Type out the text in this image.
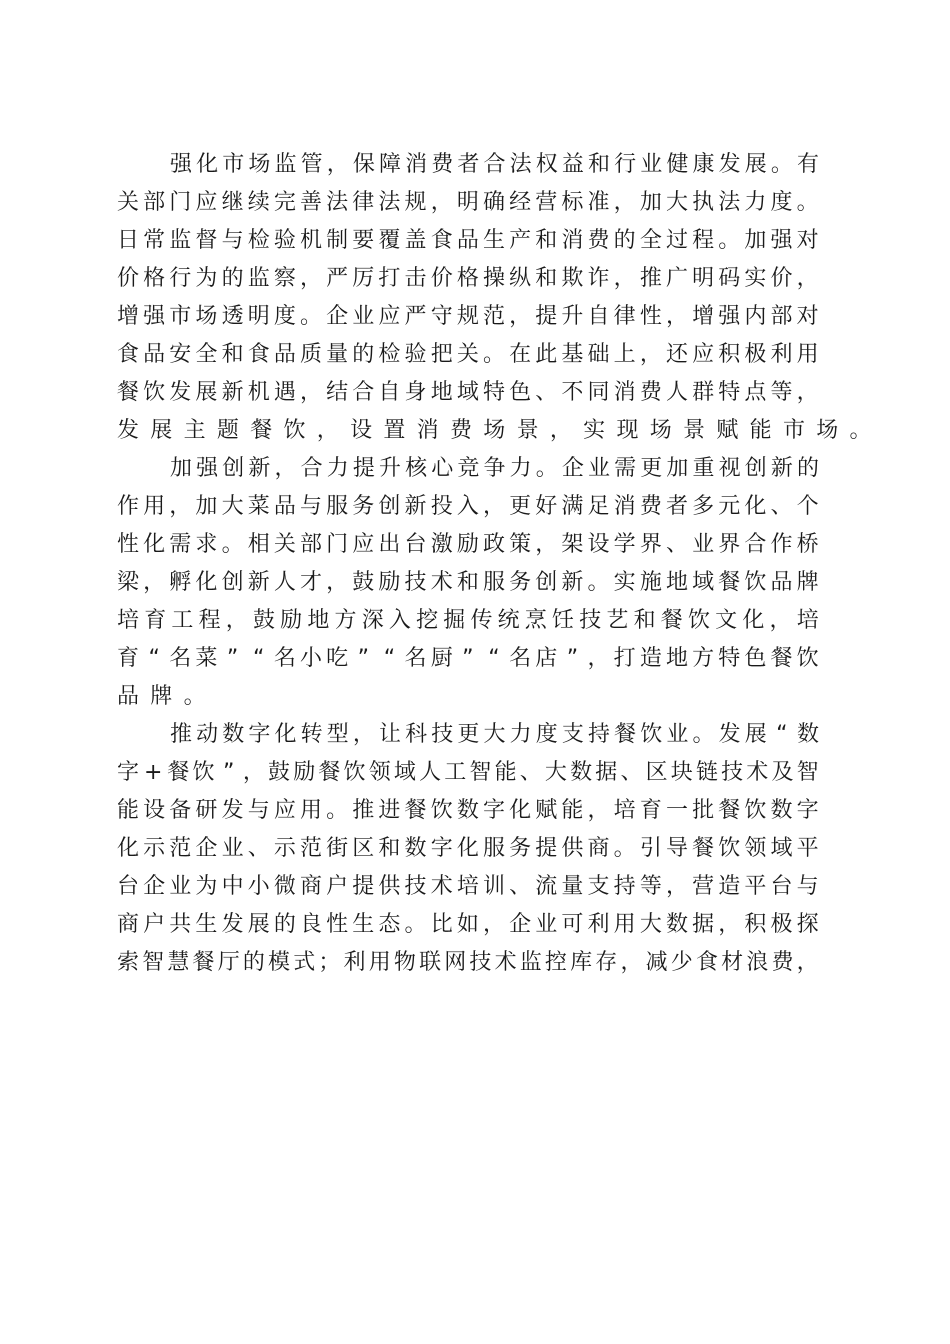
强 化 市 场 监 管 ， 保 障 消 费 者 合 法 权 益 和 行 业 健 康 发 展 。 有
关 部 门 应 继 续 完 善 法 律 法 规 ， 明 确 经 营 标 准 ， 加 大 执 法 力 度 。
日 常 监 督 与 检 验 机 制 要 覆 盖 食 品 生 产 和 消 费 的 全 过 程 。 加 强 对
价 格 行 为 的 监 察 ， 严 厉 打 击 价 格 操 纵 和 欺 诈 ， 推 广 明 码 实 价 ，
增 强 市 场 透 明 度 。 企 业 应 严 守 规 范 ， 提 升 自 律 性 ， 增 强 内 部 对
食 品 安 全 和 食 品 质 量 的 检 验 把 关 。 在 此 基 础 上 ， 还 应 积 极 利 用
餐 饮 发 展 新 机 遇 ， 结 合 自 身 地 域 特 色 、 不 同 消 费 人 群 特 点 等 ，
发 展 主 题 餐 饮 ， 设 置 消 费 场 景 ， 实 现 场 景 赋 能 市 场 。
加 强 创 新 ， 合 力 提 升 核 心 竞 争 力 。 企 业 需 更 加 重 视 创 新 的
作 用 ， 加 大 菜 品 与 服 务 创 新 投 入 ， 更 好 满 足 消 费 者 多 元 化 、 个
性 化 需 求 。 相 关 部 门 应 出 台 激 励 政 策 ， 架 设 学 界 、 业 界 合 作 桥
梁 ， 孵 化 创 新 人 才 ， 鼓 励 技 术 和 服 务 创 新 。 实 施 地 域 餐 饮 品 牌
培 育 工 程 ， 鼓 励 地 方 深 入 挖 掘 传 统 烹 饪 技 艺 和 餐 饮 文 化 ， 培
育 “ 名 菜 ” “ 名 小 吃 ” “ 名 厨 ” “ 名 店 ” ， 打 造 地 方 特 色 餐 饮
品 牌 。
推 动 数 字 化 转 型 ， 让 科 技 更 大 力 度 支 持 餐 饮 业 。 发 展 “ 数
字 + 餐 饮 ” ， 鼓 励 餐 饮 领 域 人 工 智 能 、 大 数 据 、 区 块 链 技 术 及 智
能 设 备 研 发 与 应 用 。 推 进 餐 饮 数 字 化 赋 能 ， 培 育 一 批 餐 饮 数 字
化 示 范 企 业 、 示 范 街 区 和 数 字 化 服 务 提 供 商 。 引 导 餐 饮 领 域 平
台 企 业 为 中 小 微 商 户 提 供 技 术 培 训 、 流 量 支 持 等 ， 营 造 平 台 与
商 户 共 生 发 展 的 良 性 生 态 。 比 如 ， 企 业 可 利 用 大 数 据 ， 积 极 探
索 智 慧 餐 厅 的 模 式 ； 利 用 物 联 网 技 术 监 控 库 存 ， 减 少 食 材 浪 费 ，
